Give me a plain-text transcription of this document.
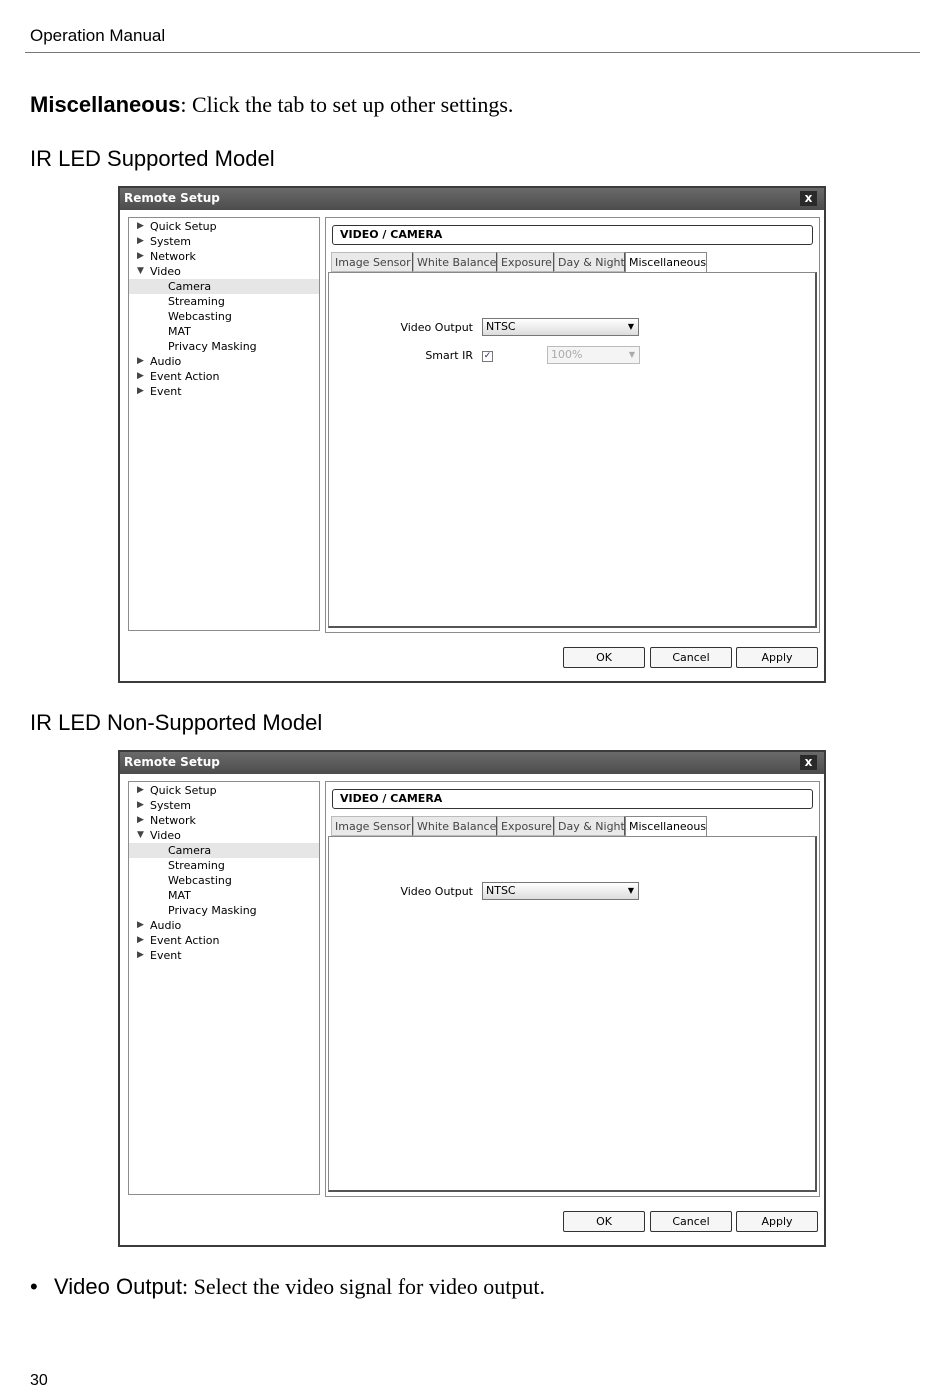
Operation Manual
Miscellaneous: Click the tab to set up other settings.
IR LED Supported Model
Remote Setup	x
▶ Quick Setup
▶ System
▶ Network
▼ Video
Camera
Streaming
Webcasting
MAT
Privacy Masking
▶ Audio
▶ Event Action
▶ Event
VIDEO / CAMERA
Image Sensor White Balance Exposure Day & Night Miscellaneous
Video Output	NTSC	▼
Smart IR ✓	100%	▼
OK	Cancel	Apply
IR LED Non-Supported Model
Remote Setup	x
▶ Quick Setup
▶ System
▶ Network
▼ Video
Camera
Streaming
Webcasting
MAT
Privacy Masking
▶ Audio
▶ Event Action
▶ Event
VIDEO / CAMERA
Image Sensor White Balance Exposure Day & Night Miscellaneous
Video Output	NTSC	▼
OK	Cancel	Apply
• Video Output: Select the video signal for video output.
30
